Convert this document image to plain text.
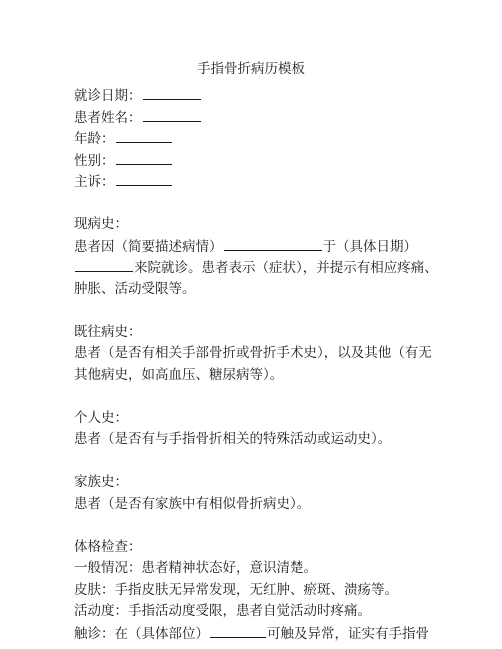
手指骨折病历模板
就诊日期：
患者姓名：
年龄：
性别：
主诉：
现病史：
患者因（简要描述病情）	于（具体日期）
来院就诊。患者表示（症状），并提示有相应疼痛、
肿胀、活动受限等。
既往病史：
患者（是否有相关手部骨折或骨折手术史），以及其他（有无
其他病史，如高血压、糖尿病等）。
个人史：
患者（是否有与手指骨折相关的特殊活动或运动史）。
家族史：
患者（是否有家族中有相似骨折病史）。
体格检查：
一般情况：患者精神状态好，意识清楚。
皮肤：手指皮肤无异常发现，无红肿、瘀斑、溃疡等。
活动度：手指活动度受限，患者自觉活动时疼痛。
触诊：在（具体部位）	可触及异常，证实有手指骨
